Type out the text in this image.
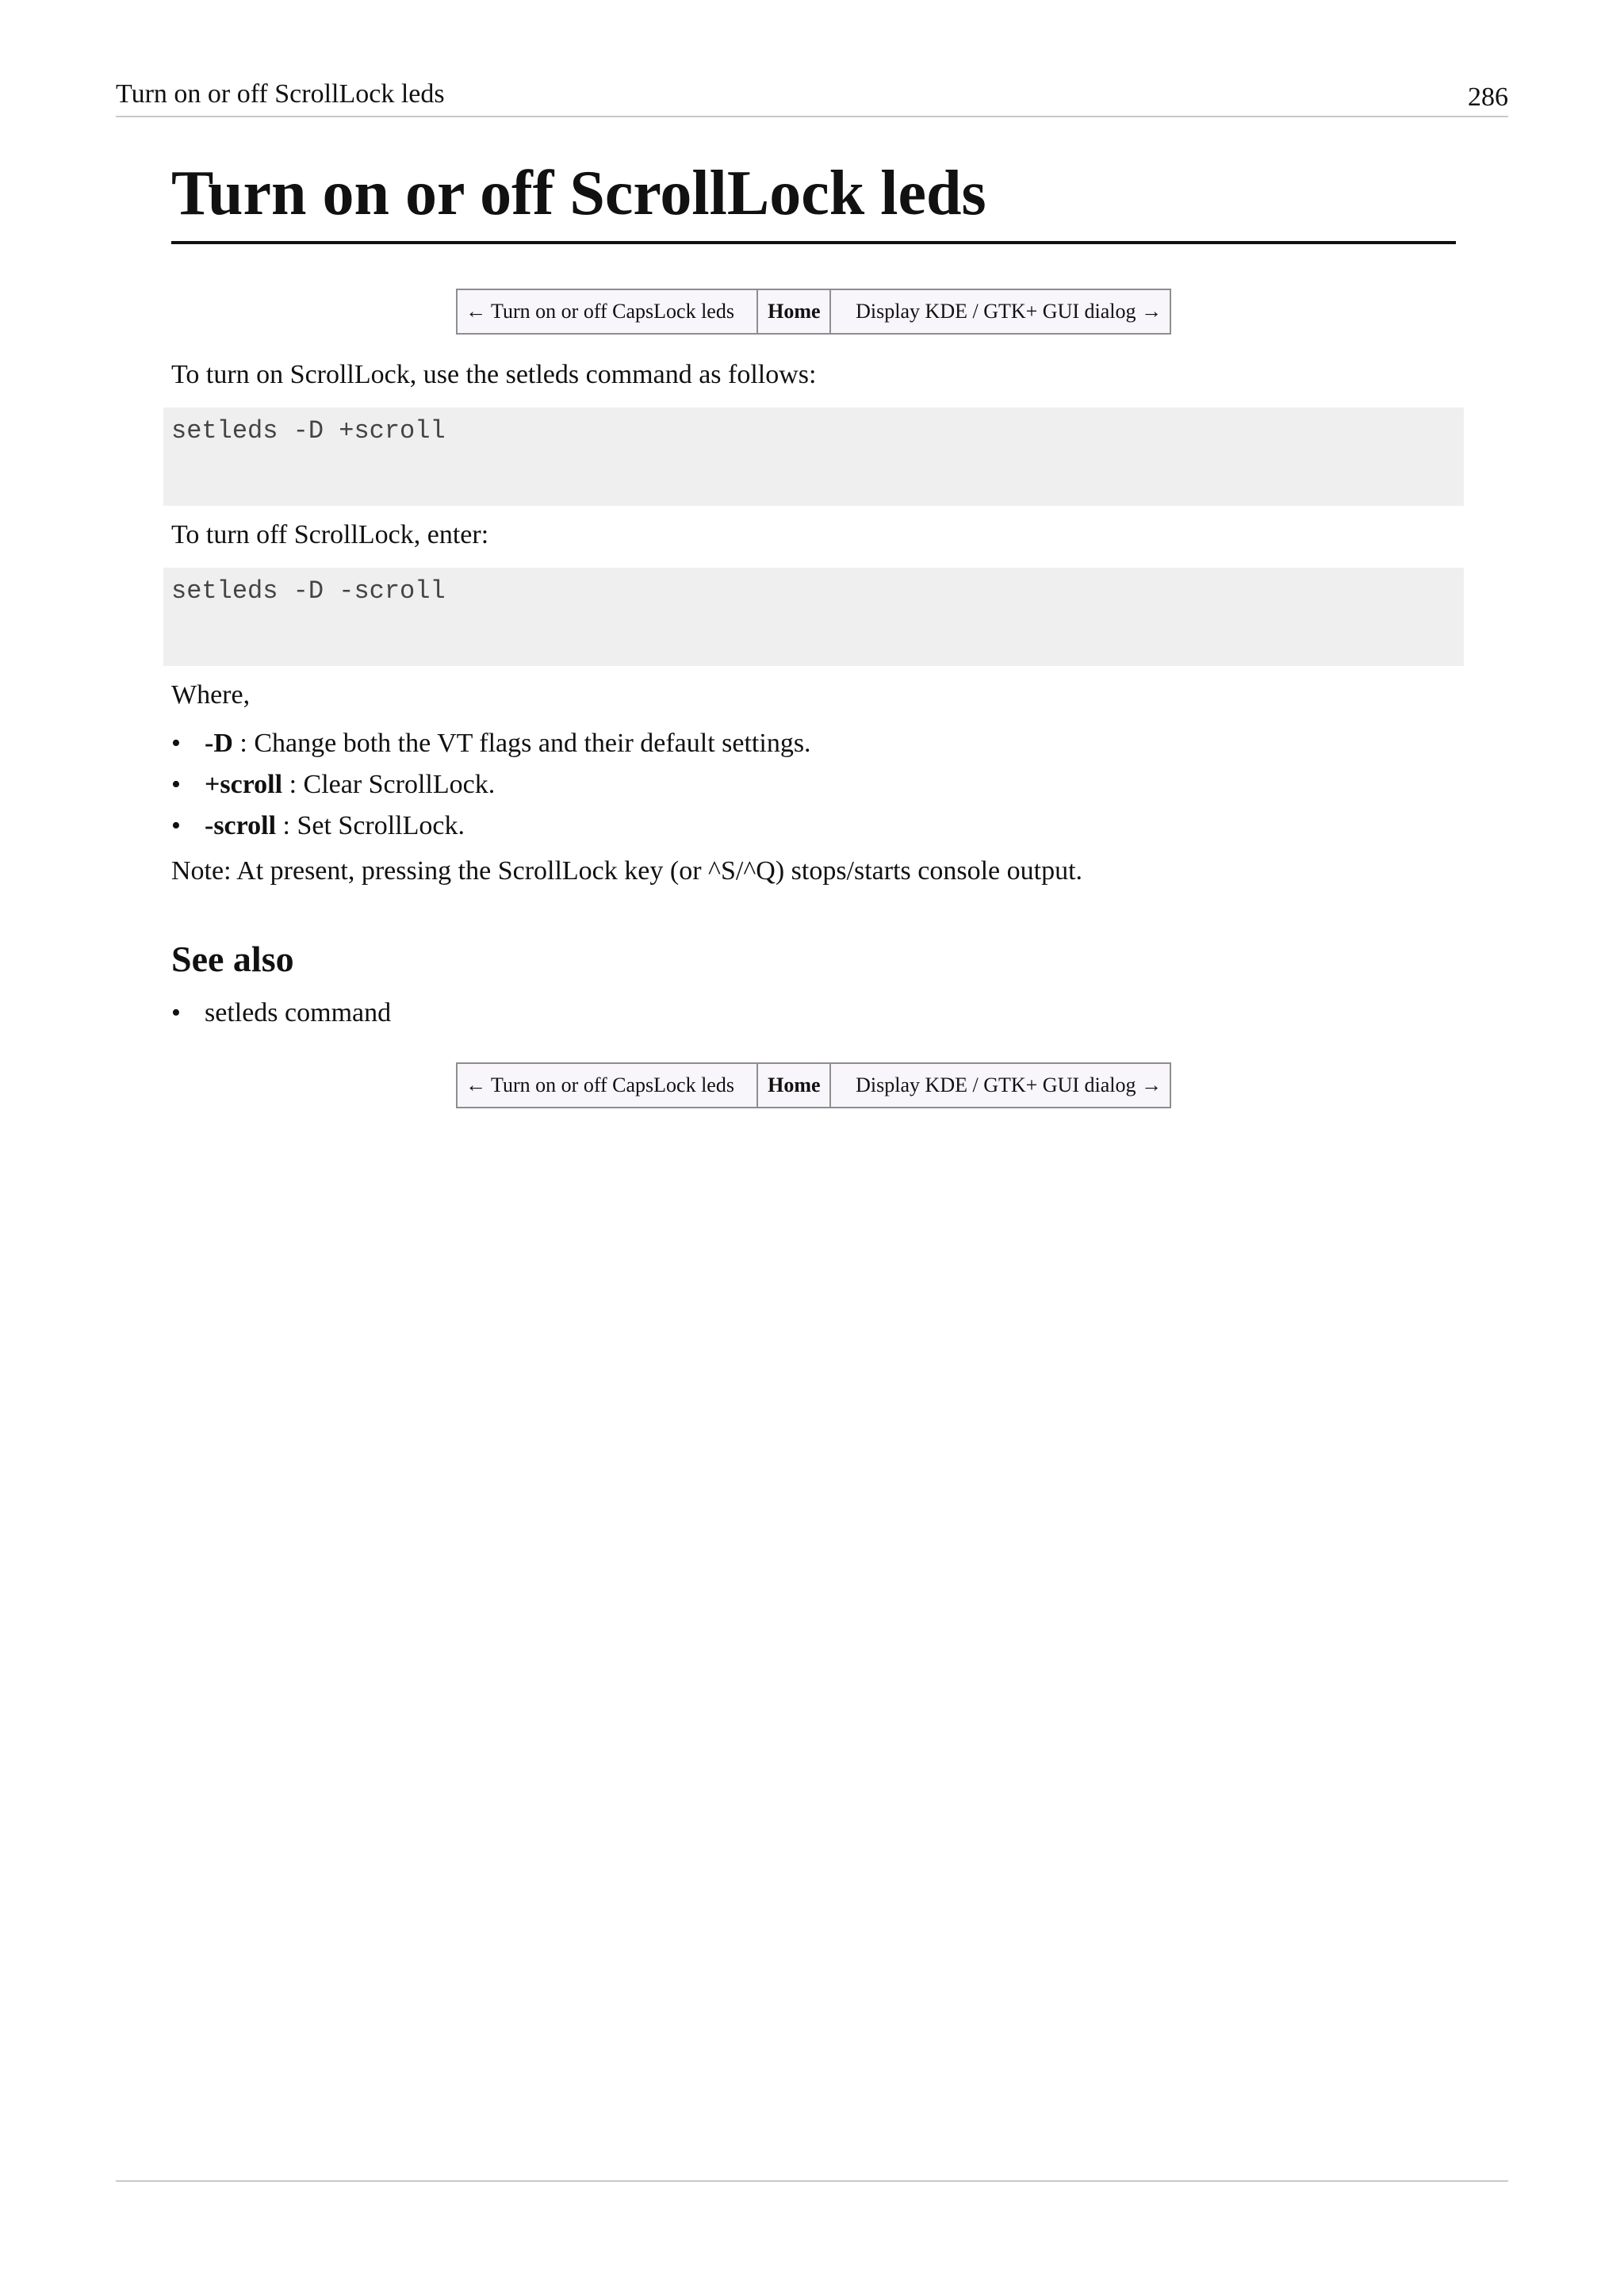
Turn on or off ScrollLock leds	286
Turn on or off ScrollLock leds
← Turn on or off CapsLock leds	Home	Display KDE / GTK+ GUI dialog →

To turn on ScrollLock, use the setleds command as follows:

setleds -D +scroll

To turn off ScrollLock, enter:

setleds -D -scroll

Where,

• -D : Change both the VT flags and their default settings.
• +scroll : Clear ScrollLock.
• -scroll : Set ScrollLock.

Note: At present, pressing the ScrollLock key (or ^S/^Q) stops/starts console output.

See also
• setleds command
← Turn on or off CapsLock leds	Home	Display KDE / GTK+ GUI dialog →
